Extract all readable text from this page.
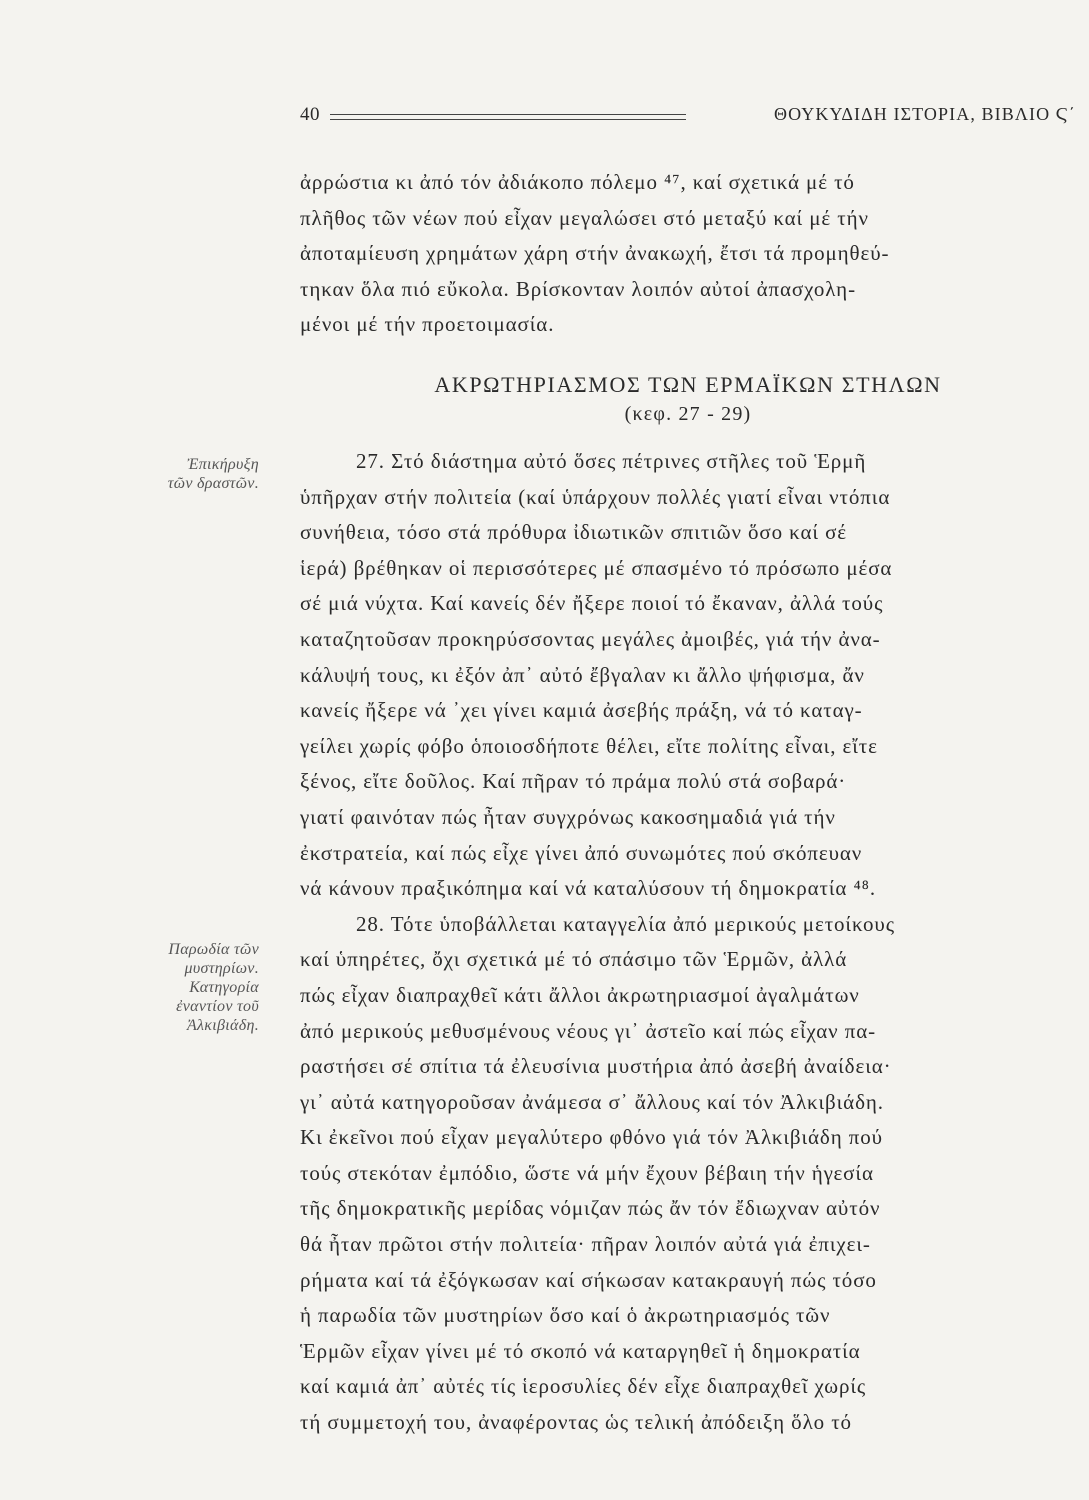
40	ΘΟΥΚΥΔΙΔΗ ΙΣΤΟΡΙΑ, ΒΙΒΛΙΟ Ϛ΄
ἀρρώστια κι ἀπό τόν ἀδιάκοπο πόλεμο ⁴⁷, καί σχετικά μέ τό
πλῆθος τῶν νέων πού εἶχαν μεγαλώσει στό μεταξύ καί μέ τήν
ἀποταμίευση χρημάτων χάρη στήν ἀνακωχή, ἔτσι τά προμηθεύ-
τηκαν ὅλα πιό εὔκολα. Βρίσκονταν λοιπόν αὐτοί ἀπασχολη-
μένοι μέ τήν προετοιμασία.
ΑΚΡΩΤΗΡΙΑΣΜΟΣ ΤΩΝ ΕΡΜΑΪΚΩΝ ΣΤΗΛΩΝ
(κεφ. 27 - 29)
27. Στό διάστημα αὐτό ὅσες πέτρινες στῆλες τοῦ Ἑρμῆ
ὑπῆρχαν στήν πολιτεία (καί ὑπάρχουν πολλές γιατί εἶναι ντόπια
συνήθεια, τόσο στά πρόθυρα ἰδιωτικῶν σπιτιῶν ὅσο καί σέ
ἱερά) βρέθηκαν οἱ περισσότερες μέ σπασμένο τό πρόσωπο μέσα
σέ μιά νύχτα. Καί κανείς δέν ἤξερε ποιοί τό ἔκαναν, ἀλλά τούς
καταζητοῦσαν προκηρύσσοντας μεγάλες ἀμοιβές, γιά τήν ἀνα-
κάλυψή τους, κι ἐξόν ἀπ᾽ αὐτό ἔβγαλαν κι ἄλλο ψήφισμα, ἄν
κανείς ἤξερε νά ᾽χει γίνει καμιά ἀσεβής πράξη, νά τό καταγ-
γείλει χωρίς φόβο ὁποιοσδήποτε θέλει, εἴτε πολίτης εἶναι, εἴτε
ξένος, εἴτε δοῦλος. Καί πῆραν τό πράμα πολύ στά σοβαρά·
γιατί φαινόταν πώς ἦταν συγχρόνως κακοσημαδιά γιά τήν
ἐκστρατεία, καί πώς εἶχε γίνει ἀπό συνωμότες πού σκόπευαν
νά κάνουν πραξικόπημα καί νά καταλύσουν τή δημοκρατία ⁴⁸.
28. Τότε ὑποβάλλεται καταγγελία ἀπό μερικούς μετοίκους
καί ὑπηρέτες, ὄχι σχετικά μέ τό σπάσιμο τῶν Ἑρμῶν, ἀλλά
πώς εἶχαν διαπραχθεῖ κάτι ἄλλοι ἀκρωτηριασμοί ἀγαλμάτων
ἀπό μερικούς μεθυσμένους νέους γι᾽ ἀστεῖο καί πώς εἶχαν πα-
ραστήσει σέ σπίτια τά ἐλευσίνια μυστήρια ἀπό ἀσεβή ἀναίδεια·
γι᾽ αὐτά κατηγοροῦσαν ἀνάμεσα σ᾽ ἄλλους καί τόν Ἀλκιβιάδη.
Κι ἐκεῖνοι πού εἶχαν μεγαλύτερο φθόνο γιά τόν Ἀλκιβιάδη πού
τούς στεκόταν ἐμπόδιο, ὥστε νά μήν ἔχουν βέβαιη τήν ἡγεσία
τῆς δημοκρατικῆς μερίδας νόμιζαν πώς ἄν τόν ἔδιωχναν αὐτόν
θά ἦταν πρῶτοι στήν πολιτεία· πῆραν λοιπόν αὐτά γιά ἐπιχει-
ρήματα καί τά ἐξόγκωσαν καί σήκωσαν κατακραυγή πώς τόσο
ἡ παρωδία τῶν μυστηρίων ὅσο καί ὁ ἀκρωτηριασμός τῶν
Ἑρμῶν εἶχαν γίνει μέ τό σκοπό νά καταργηθεῖ ἡ δημοκρατία
καί καμιά ἀπ᾽ αὐτές τίς ἱεροσυλίες δέν εἶχε διαπραχθεῖ χωρίς
τή συμμετοχή του, ἀναφέροντας ὡς τελική ἀπόδειξη ὅλο τό
Ἐπικήρυξη
τῶν δραστῶν.
Παρωδία τῶν
μυστηρίων.
Κατηγορία
ἐναντίον τοῦ
Ἀλκιβιάδη.
